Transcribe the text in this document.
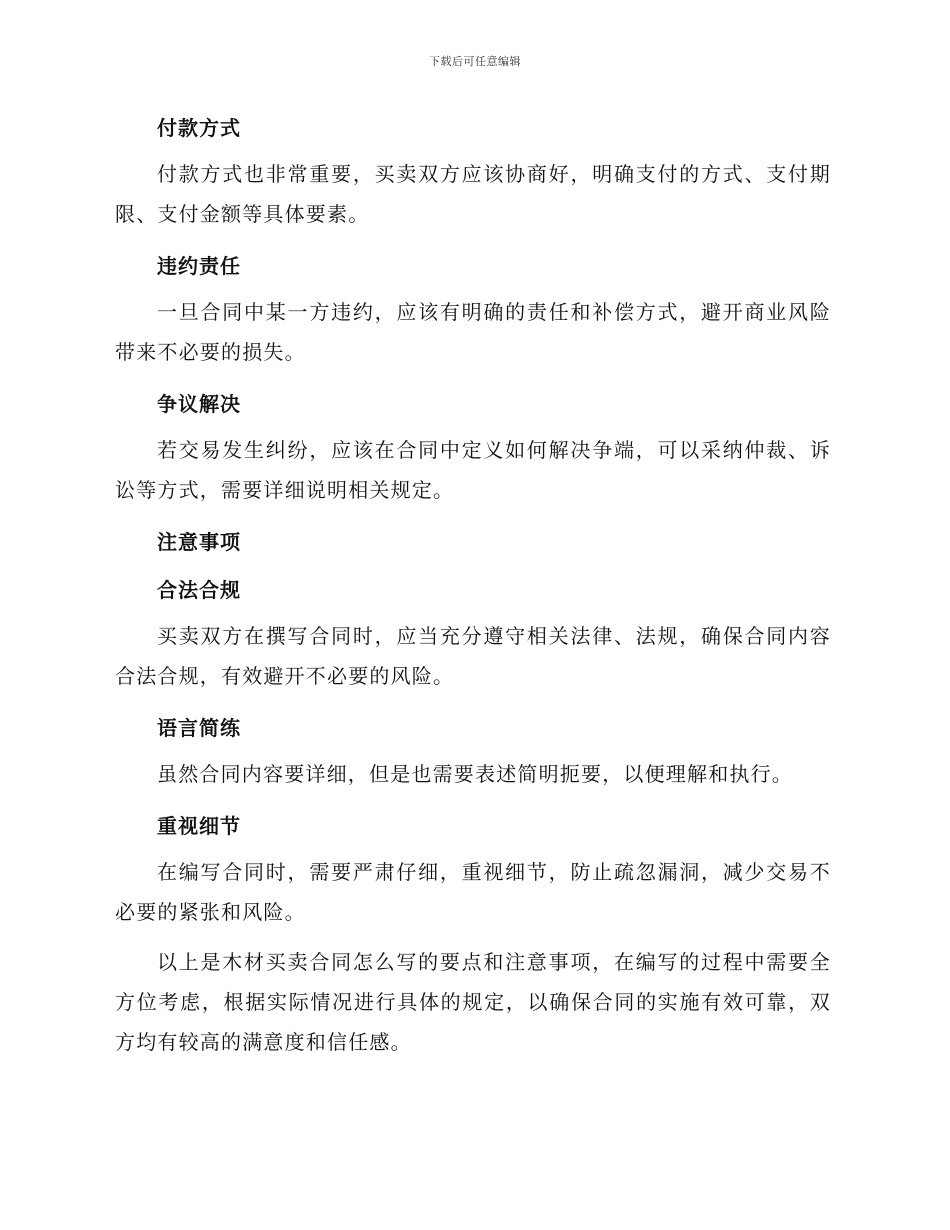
下载后可任意编辑
付款方式

付款方式也非常重要，买卖双方应该协商好，明确支付的方式、支付期限、支付金额等具体要素。

违约责任

一旦合同中某一方违约，应该有明确的责任和补偿方式，避开商业风险带来不必要的损失。

争议解决

若交易发生纠纷，应该在合同中定义如何解决争端，可以采纳仲裁、诉讼等方式，需要详细说明相关规定。

注意事项
合法合规

买卖双方在撰写合同时，应当充分遵守相关法律、法规，确保合同内容合法合规，有效避开不必要的风险。

语言简练

虽然合同内容要详细，但是也需要表述简明扼要，以便理解和执行。

重视细节

在编写合同时，需要严肃仔细，重视细节，防止疏忽漏洞，减少交易不必要的紧张和风险。

以上是木材买卖合同怎么写的要点和注意事项，在编写的过程中需要全方位考虑，根据实际情况进行具体的规定，以确保合同的实施有效可靠，双方均有较高的满意度和信任感。
